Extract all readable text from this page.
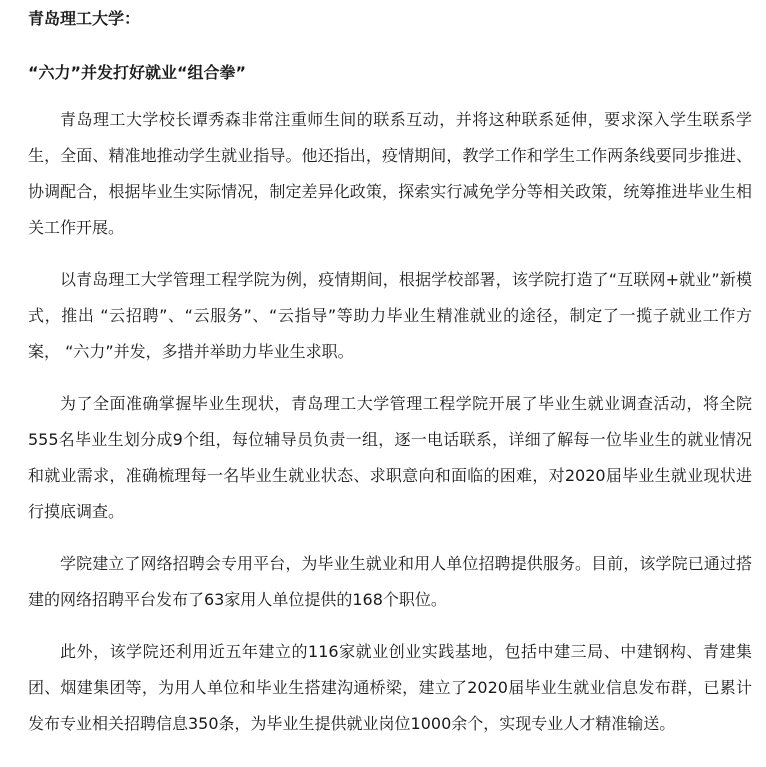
青岛理工大学：

“六力”并发打好就业“组合拳”

青岛理工大学校长谭秀森非常注重师生间的联系互动，并将这种联系延伸，要求深入学生联系学生，全面、精准地推动学生就业指导。他还指出，疫情期间，教学工作和学生工作两条线要同步推进、协调配合，根据毕业生实际情况，制定差异化政策，探索实行减免学分等相关政策，统筹推进毕业生相关工作开展。

以青岛理工大学管理工程学院为例，疫情期间，根据学校部署，该学院打造了“互联网+就业”新模式，推出 “云招聘”、“云服务”、“云指导”等助力毕业生精准就业的途径，制定了一揽子就业工作方案， “六力”并发，多措并举助力毕业生求职。

为了全面准确掌握毕业生现状，青岛理工大学管理工程学院开展了毕业生就业调查活动，将全院555名毕业生划分成9个组，每位辅导员负责一组，逐一电话联系，详细了解每一位毕业生的就业情况和就业需求，准确梳理每一名毕业生就业状态、求职意向和面临的困难，对2020届毕业生就业现状进行摸底调查。

学院建立了网络招聘会专用平台，为毕业生就业和用人单位招聘提供服务。目前，该学院已通过搭建的网络招聘平台发布了63家用人单位提供的168个职位。

此外，该学院还利用近五年建立的116家就业创业实践基地，包括中建三局、中建钢构、青建集团、烟建集团等，为用人单位和毕业生搭建沟通桥梁，建立了2020届毕业生就业信息发布群，已累计发布专业相关招聘信息350条，为毕业生提供就业岗位1000余个，实现专业人才精准输送。
